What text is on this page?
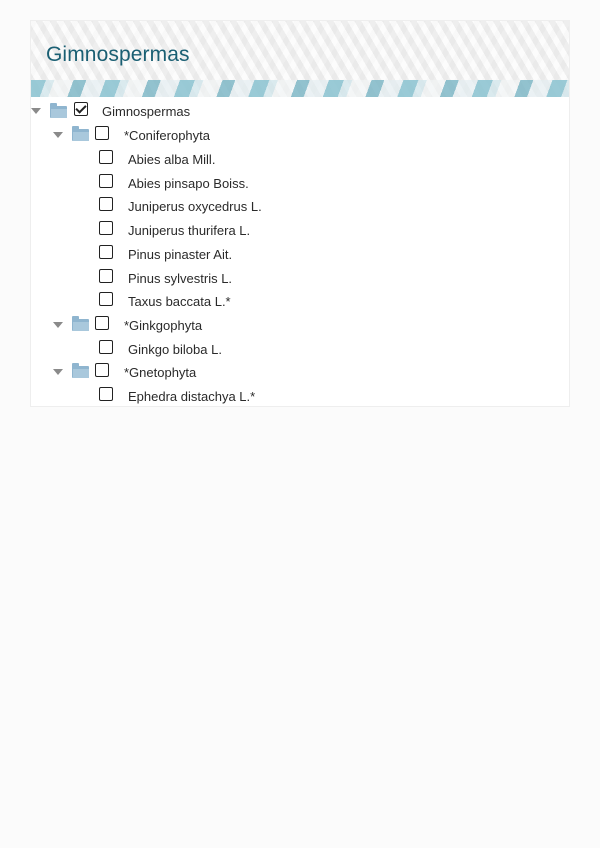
Gimnospermas
Gimnospermas
*Coniferophyta
Abies alba Mill.
Abies pinsapo Boiss.
Juniperus oxycedrus L.
Juniperus thurifera L.
Pinus pinaster Ait.
Pinus sylvestris L.
Taxus baccata L.*
*Ginkgophyta
Ginkgo biloba L.
*Gnetophyta
Ephedra distachya L.*
